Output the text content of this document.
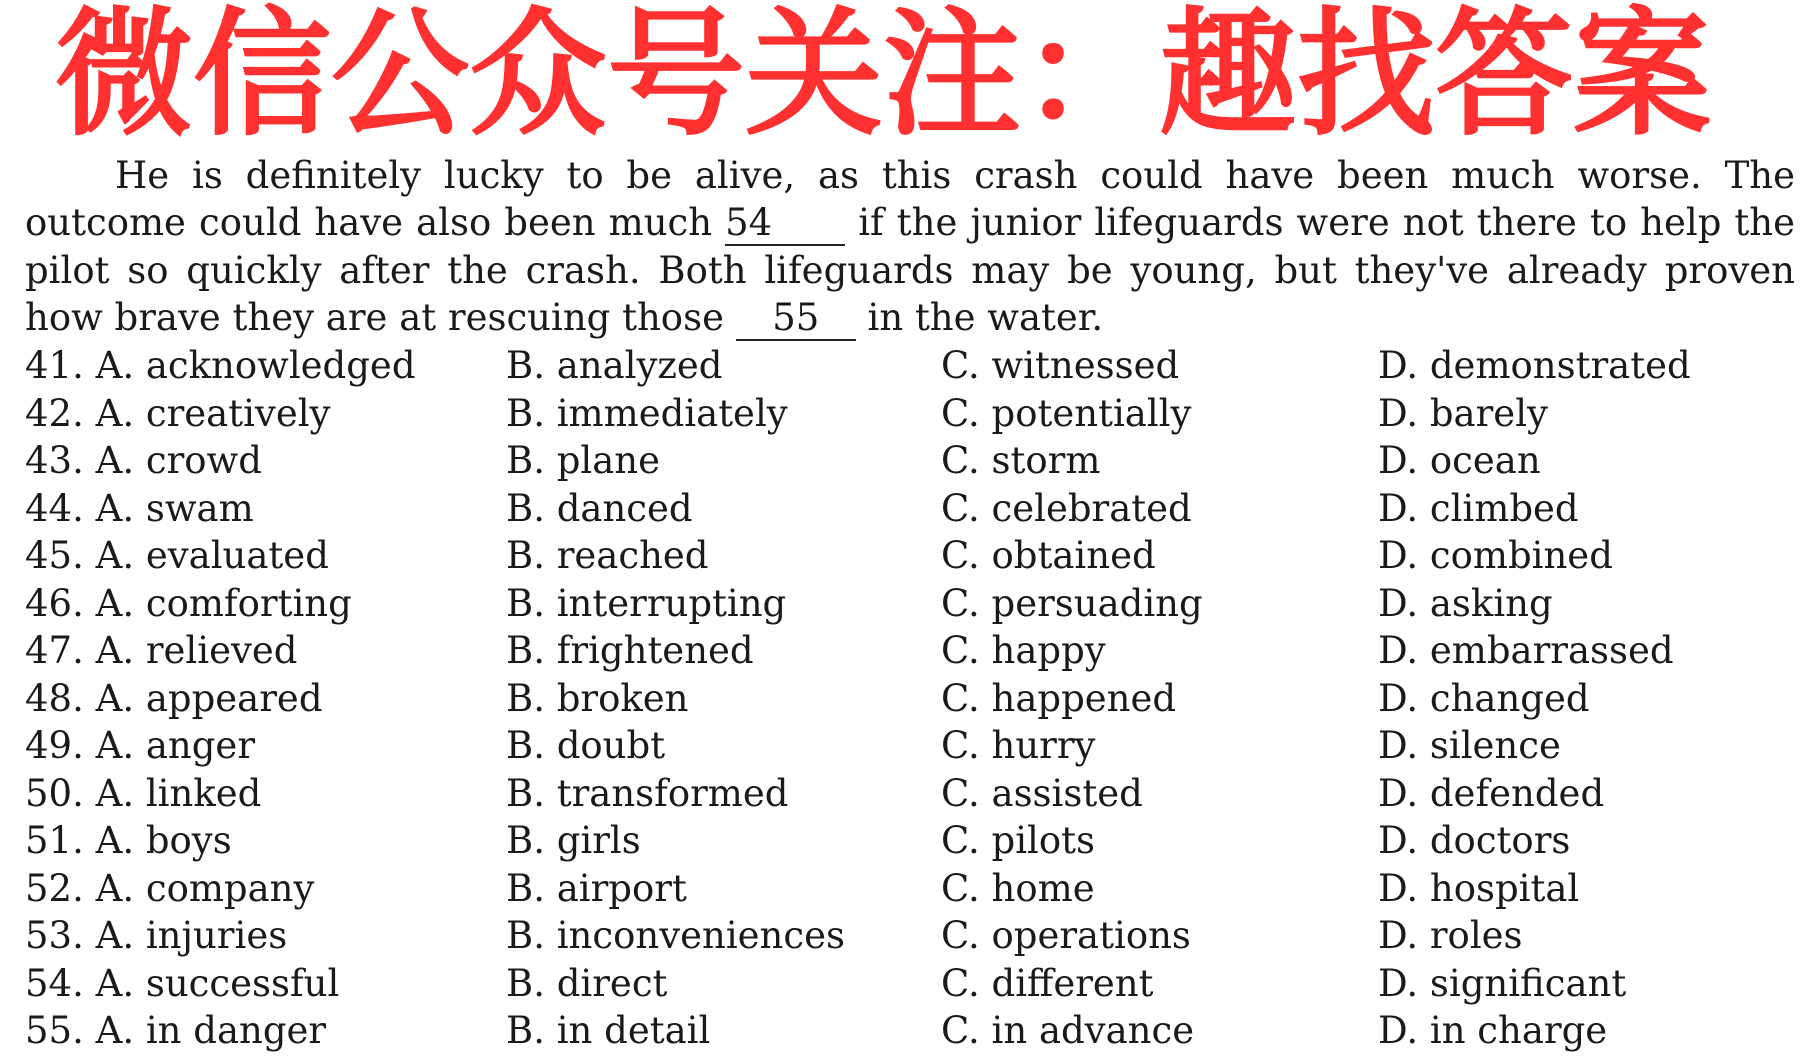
微信公众号关注：趣找答案
He is definitely lucky to be alive, as this crash could have been much worse. The
outcome could have also been much 54 if the junior lifeguards were not there to help the
pilot so quickly after the crash. Both lifeguards may be young, but they've already proven
how brave they are at rescuing those 55 in the water.
41. A. acknowledged B. analyzed	C. witnessed	D. demonstrated
42. A. creatively	B. immediately	C. potentially	D. barely
43. A. crowd	B. plane	C. storm	D. ocean
44. A. swam	B. danced	C. celebrated	D. climbed
45. A. evaluated	B. reached	C. obtained	D. combined
46. A. comforting	B. interrupting	C. persuading	D. asking
47. A. relieved	B. frightened	C. happy	D. embarrassed
48. A. appeared	B. broken	C. happened	D. changed
49. A. anger	B. doubt	C. hurry	D. silence
50. A. linked	B. transformed	C. assisted	D. defended
51. A. boys	B. girls	C. pilots	D. doctors
52. A. company	B. airport	C. home	D. hospital
53. A. injuries	B. inconveniences	C. operations	D. roles
54. A. successful	B. direct	C. different	D. significant
55. A. in danger	B. in detail	C. in advance	D. in charge
